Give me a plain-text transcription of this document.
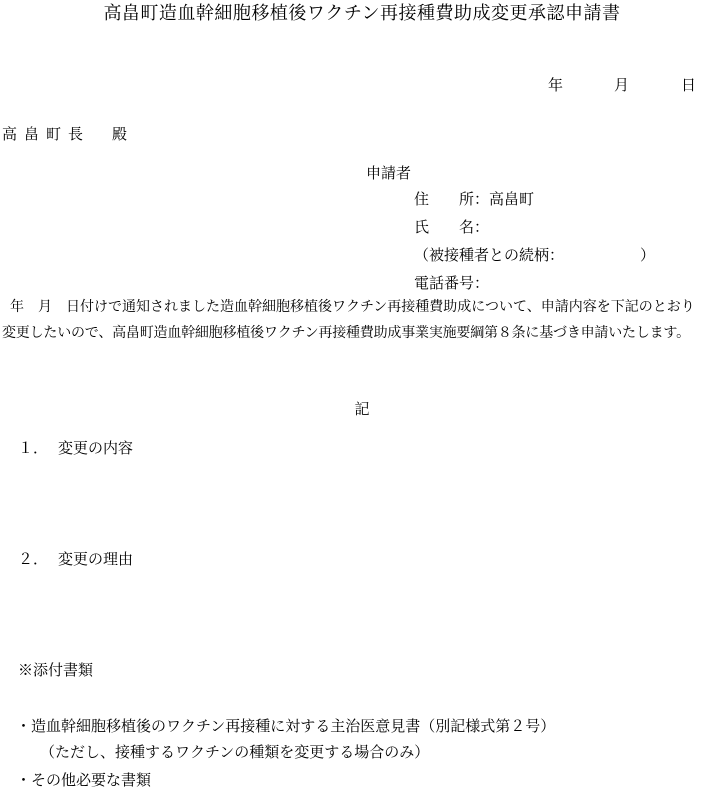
高畠町造血幹細胞移植後ワクチン再接種費助成変更承認申請書
年	月	日
高畠町長　殿
申請者
住　　所：高畠町
氏　　名：
（被接種者との続柄：	）
電話番号：
年　月　日付けで通知されました造血幹細胞移植後ワクチン再接種費助成について、申請内容を下記のとおり
変更したいので、高畠町造血幹細胞移植後ワクチン再接種費助成事業実施要綱第８条に基づき申請いたします。
記
１． 変更の内容
２． 変更の理由
※添付書類
・造血幹細胞移植後のワクチン再接種に対する主治医意見書（別記様式第２号）
（ただし、接種するワクチンの種類を変更する場合のみ）
・その他必要な書類
